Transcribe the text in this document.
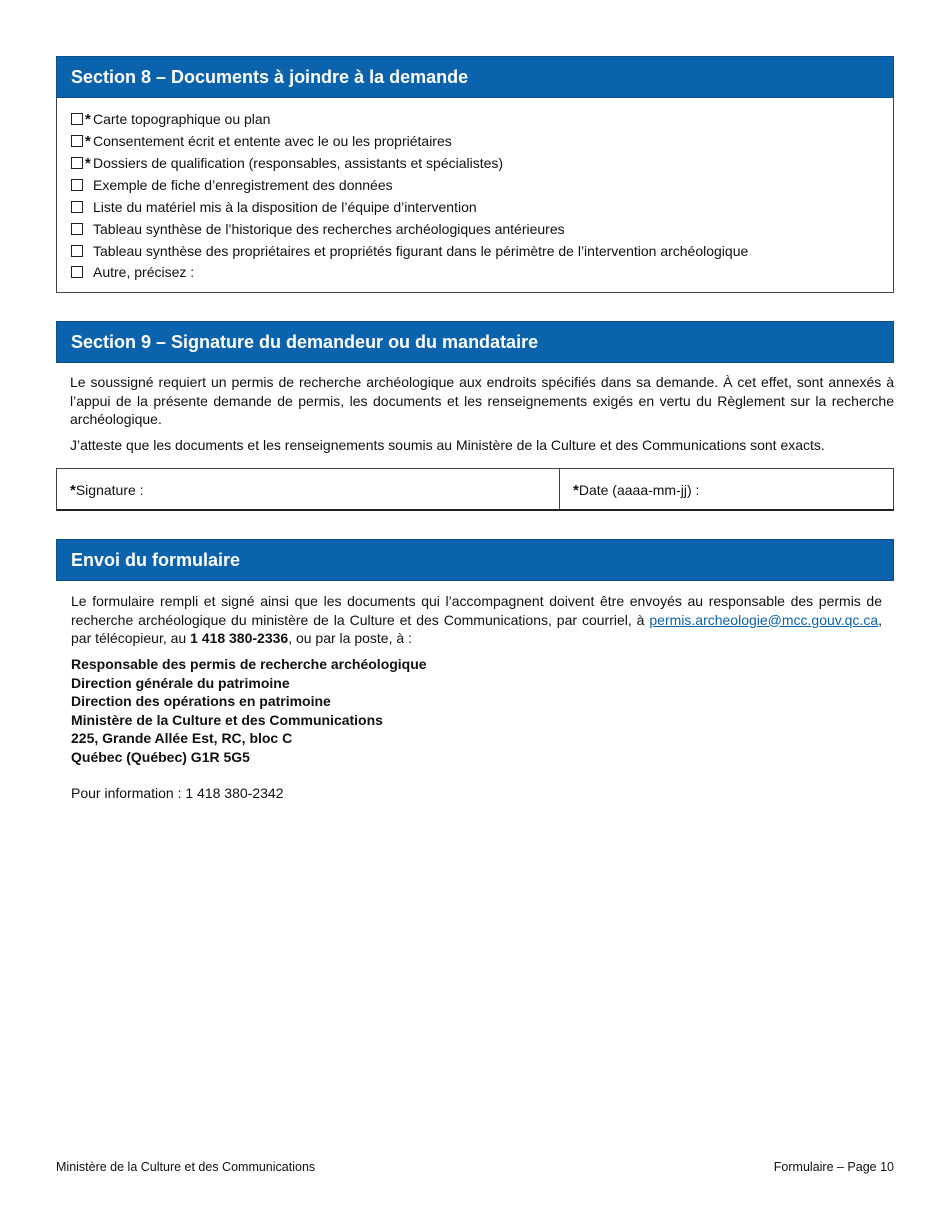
Section 8 – Documents à joindre à la demande
* Carte topographique ou plan
* Consentement écrit et entente avec le ou les propriétaires
* Dossiers de qualification (responsables, assistants et spécialistes)
Exemple de fiche d’enregistrement des données
Liste du matériel mis à la disposition de l’équipe d’intervention
Tableau synthèse de l’historique des recherches archéologiques antérieures
Tableau synthèse des propriétaires et propriétés figurant dans le périmètre de l’intervention archéologique
Autre, précisez :
Section 9 – Signature du demandeur ou du mandataire

Le soussigné requiert un permis de recherche archéologique aux endroits spécifiés dans sa demande. À cet effet, sont annexés à l’appui de la présente demande de permis, les documents et les renseignements exigés en vertu du Règlement sur la recherche archéologique.

J’atteste que les documents et les renseignements soumis au Ministère de la Culture et des Communications sont exacts.

*Signature :	*Date (aaaa-mm-jj) :
Envoi du formulaire

Le formulaire rempli et signé ainsi que les documents qui l’accompagnent doivent être envoyés au responsable des permis de recherche archéologique du ministère de la Culture et des Communications, par courriel, à permis.archeologie@mcc.gouv.qc.ca, par télécopieur, au 1 418 380-2336, ou par la poste, à :

Responsable des permis de recherche archéologique
Direction générale du patrimoine
Direction des opérations en patrimoine
Ministère de la Culture et des Communications
225, Grande Allée Est, RC, bloc C
Québec (Québec) G1R 5G5
Pour information : 1 418 380-2342
Ministère de la Culture et des Communications	Formulaire – Page 10
